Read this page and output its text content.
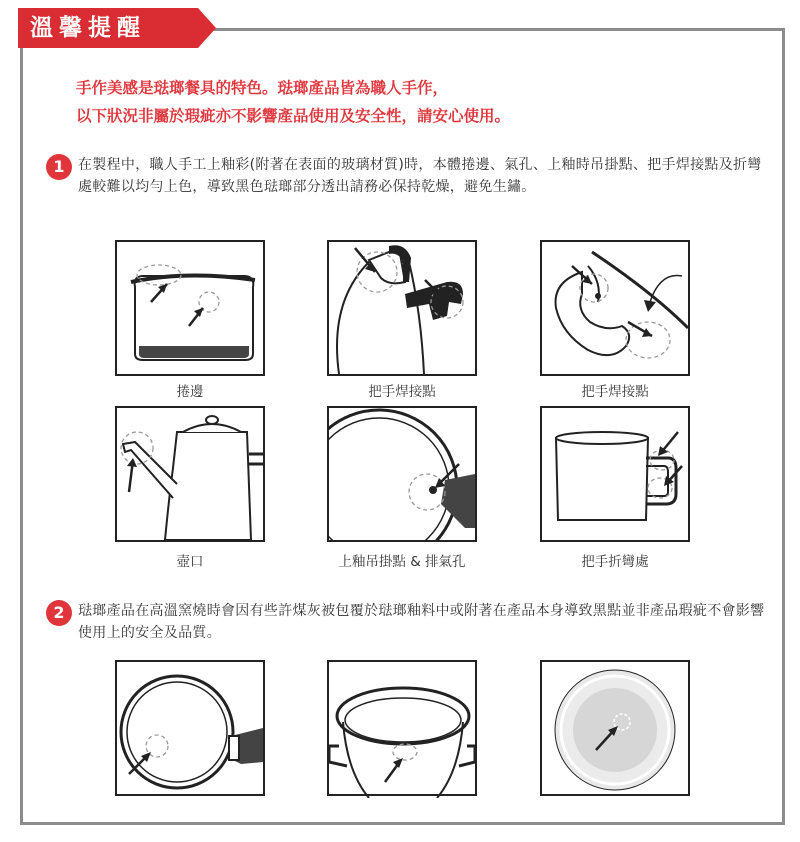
溫馨提醒
手作美感是琺瑯餐具的特色。琺瑯產品皆為職人手作，
以下狀況非屬於瑕疵亦不影響產品使用及安全性，請安心使用。
1 在製程中，職人手工上釉彩(附著在表面的玻璃材質)時，本體捲邊、氣孔、上釉時吊掛點、把手焊接點及折彎處較難以均勻上色，導致黑色琺瑯部分透出請務必保持乾燥，避免生鏽。
捲邊	把手焊接點	把手焊接點
壺口	上釉吊掛點 & 排氣孔	把手折彎處
2 琺瑯產品在高溫窯燒時會因有些許煤灰被包覆於琺瑯釉料中或附著在產品本身導致黑點並非產品瑕疵不會影響使用上的安全及品質。
